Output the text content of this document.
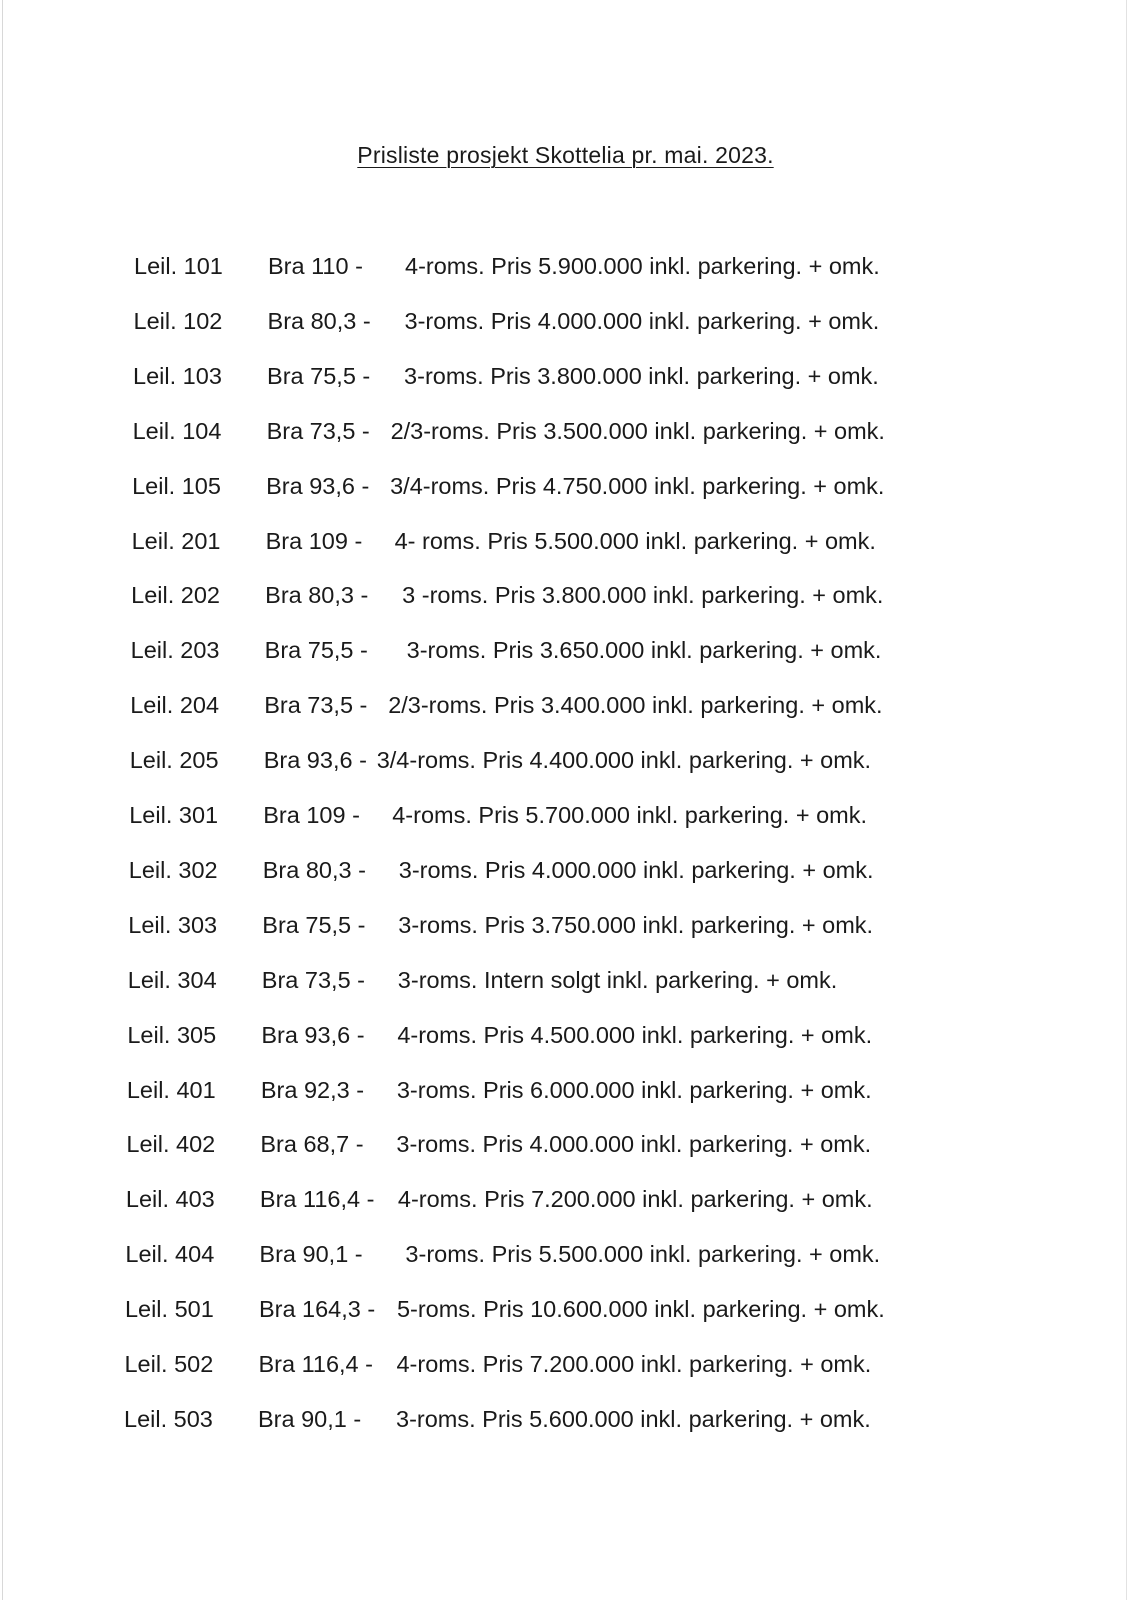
Prisliste prosjekt Skottelia pr. mai. 2023.
Leil. 101 Bra 110 - 4-roms. Pris 5.900.000 inkl. parkering. + omk.
Leil. 102 Bra 80,3 - 3-roms. Pris 4.000.000 inkl. parkering. + omk.
Leil. 103 Bra 75,5 - 3-roms. Pris 3.800.000 inkl. parkering. + omk.
Leil. 104 Bra 73,5 - 2/3-roms. Pris 3.500.000 inkl. parkering. + omk.
Leil. 105 Bra 93,6 - 3/4-roms. Pris 4.750.000 inkl. parkering. + omk.
Leil. 201 Bra 109 - 4- roms. Pris 5.500.000 inkl. parkering. + omk.
Leil. 202 Bra 80,3 - 3 -roms. Pris 3.800.000 inkl. parkering. + omk.
Leil. 203 Bra 75,5 - 3-roms. Pris 3.650.000 inkl. parkering. + omk.
Leil. 204 Bra 73,5 - 2/3-roms. Pris 3.400.000 inkl. parkering. + omk.
Leil. 205 Bra 93,6 - 3/4-roms. Pris 4.400.000 inkl. parkering. + omk.
Leil. 301 Bra 109 - 4-roms. Pris 5.700.000 inkl. parkering. + omk.
Leil. 302 Bra 80,3 - 3-roms. Pris 4.000.000 inkl. parkering. + omk.
Leil. 303 Bra 75,5 - 3-roms. Pris 3.750.000 inkl. parkering. + omk.
Leil. 304 Bra 73,5 - 3-roms. Intern solgt inkl. parkering. + omk.
Leil. 305 Bra 93,6 - 4-roms. Pris 4.500.000 inkl. parkering. + omk.
Leil. 401 Bra 92,3 - 3-roms. Pris 6.000.000 inkl. parkering. + omk.
Leil. 402 Bra 68,7 - 3-roms. Pris 4.000.000 inkl. parkering. + omk.
Leil. 403 Bra 116,4 - 4-roms. Pris 7.200.000 inkl. parkering. + omk.
Leil. 404 Bra 90,1 - 3-roms. Pris 5.500.000 inkl. parkering. + omk.
Leil. 501 Bra 164,3 - 5-roms. Pris 10.600.000 inkl. parkering. + omk.
Leil. 502 Bra 116,4 - 4-roms. Pris 7.200.000 inkl. parkering. + omk.
Leil. 503 Bra 90,1 - 3-roms. Pris 5.600.000 inkl. parkering. + omk.
